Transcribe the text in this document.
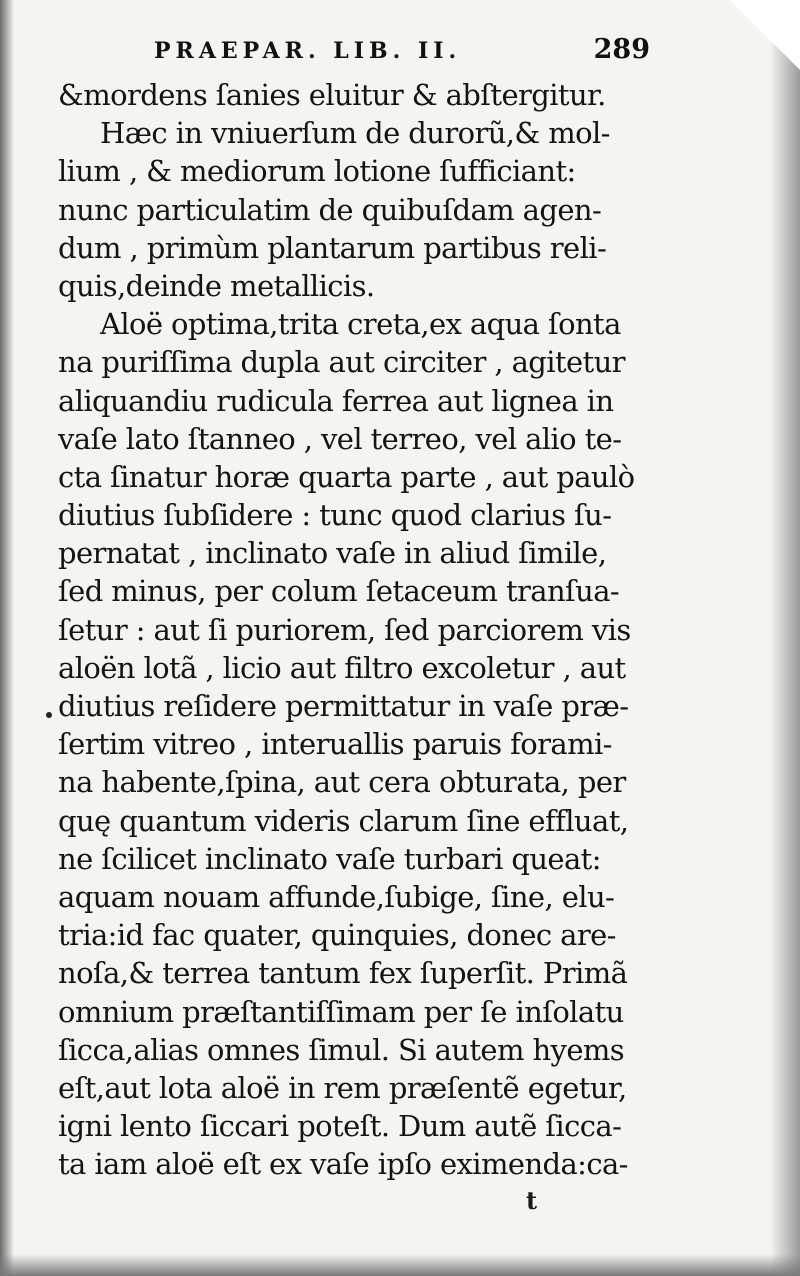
PRAEPAR. LIB. II.	289
&mordens ſanies eluitur & abſtergitur.
Hæc in vniuerſum de durorũ,& mol-
lium , & mediorum lotione ſufficiant:
nunc particulatim de quibuſdam agen-
dum , primùm plantarum partibus reli-
quis,deinde metallicis.
Aloë optima,trita creta,ex aqua ſonta
na puriſſima dupla aut circiter , agitetur
aliquandiu rudicula ferrea aut lignea in
vaſe lato ſtanneo , vel terreo, vel alio te-
cta ſinatur horæ quarta parte , aut paulò
diutius ſubſidere : tunc quod clarius ſu-
pernatat , inclinato vaſe in aliud ſimile,
ſed minus, per colum ſetaceum tranſua-
ſetur : aut ſi puriorem, ſed parciorem vis
aloën lotã , licio aut filtro excoletur , aut
diutius reſidere permittatur in vaſe præ-
ſertim vitreo , interuallis paruis forami-
na habente,ſpina, aut cera obturata, per
quę quantum videris clarum ſine effluat,
ne ſcilicet inclinato vaſe turbari queat:
aquam nouam affunde,ſubige, ſine, elu-
tria:id fac quater, quinquies, donec are-
noſa,& terrea tantum fex ſuperſit. Primã
omnium præſtantiſſimam per ſe inſolatu
ſicca,alias omnes ſimul. Si autem hyems
eſt,aut lota aloë in rem præſentẽ egetur,
igni lento ſiccari poteſt. Dum autẽ ſicca-
ta iam aloë eſt ex vaſe ipſo eximenda:ca-
t
